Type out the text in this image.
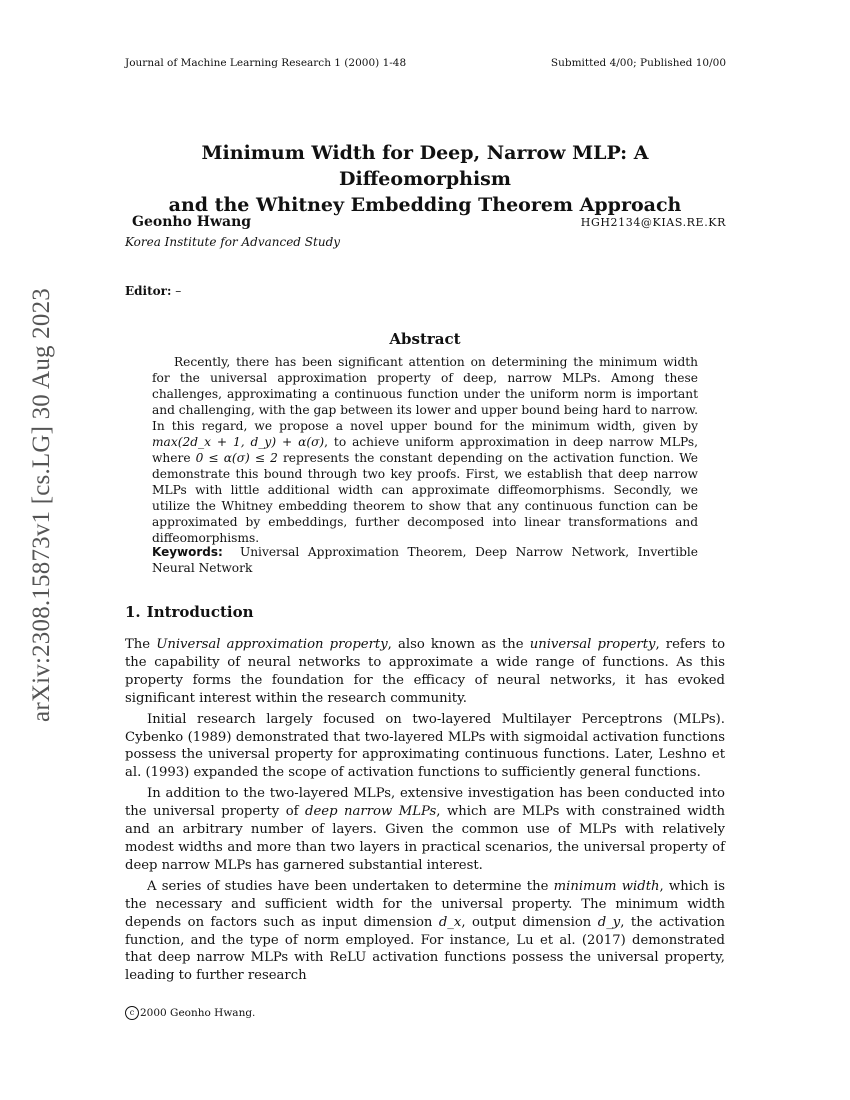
Journal of Machine Learning Research 1 (2000) 1-48	Submitted 4/00; Published 10/00
arXiv:2308.15873v1 [cs.LG] 30 Aug 2023
Minimum Width for Deep, Narrow MLP: A Diffeomorphism
and the Whitney Embedding Theorem Approach
Geonho Hwang	HGH2134@KIAS.RE.KR
Korea Institute for Advanced Study
Editor: –
Abstract

Recently, there has been significant attention on determining the minimum width for the universal approximation property of deep, narrow MLPs. Among these challenges, approximating a continuous function under the uniform norm is important and challenging, with the gap between its lower and upper bound being hard to narrow. In this regard, we propose a novel upper bound for the minimum width, given by max(2d_x + 1, d_y) + α(σ), to achieve uniform approximation in deep narrow MLPs, where 0 ≤ α(σ) ≤ 2 represents the constant depending on the activation function. We demonstrate this bound through two key proofs. First, we establish that deep narrow MLPs with little additional width can approximate diffeomorphisms. Secondly, we utilize the Whitney embedding theorem to show that any continuous function can be approximated by embeddings, further decomposed into linear transformations and diffeomorphisms.

Keywords: Universal Approximation Theorem, Deep Narrow Network, Invertible Neural Network
1. Introduction

The Universal approximation property, also known as the universal property, refers to the capability of neural networks to approximate a wide range of functions. As this property forms the foundation for the efficacy of neural networks, it has evoked significant interest within the research community.

Initial research largely focused on two-layered Multilayer Perceptrons (MLPs). Cybenko (1989) demonstrated that two-layered MLPs with sigmoidal activation functions possess the universal property for approximating continuous functions. Later, Leshno et al. (1993) expanded the scope of activation functions to sufficiently general functions.

In addition to the two-layered MLPs, extensive investigation has been conducted into the universal property of deep narrow MLPs, which are MLPs with constrained width and an arbitrary number of layers. Given the common use of MLPs with relatively modest widths and more than two layers in practical scenarios, the universal property of deep narrow MLPs has garnered substantial interest.

A series of studies have been undertaken to determine the minimum width, which is the necessary and sufficient width for the universal property. The minimum width depends on factors such as input dimension d_x, output dimension d_y, the activation function, and the type of norm employed. For instance, Lu et al. (2017) demonstrated that deep narrow MLPs with ReLU activation functions possess the universal property, leading to further research

c 2000 Geonho Hwang.
